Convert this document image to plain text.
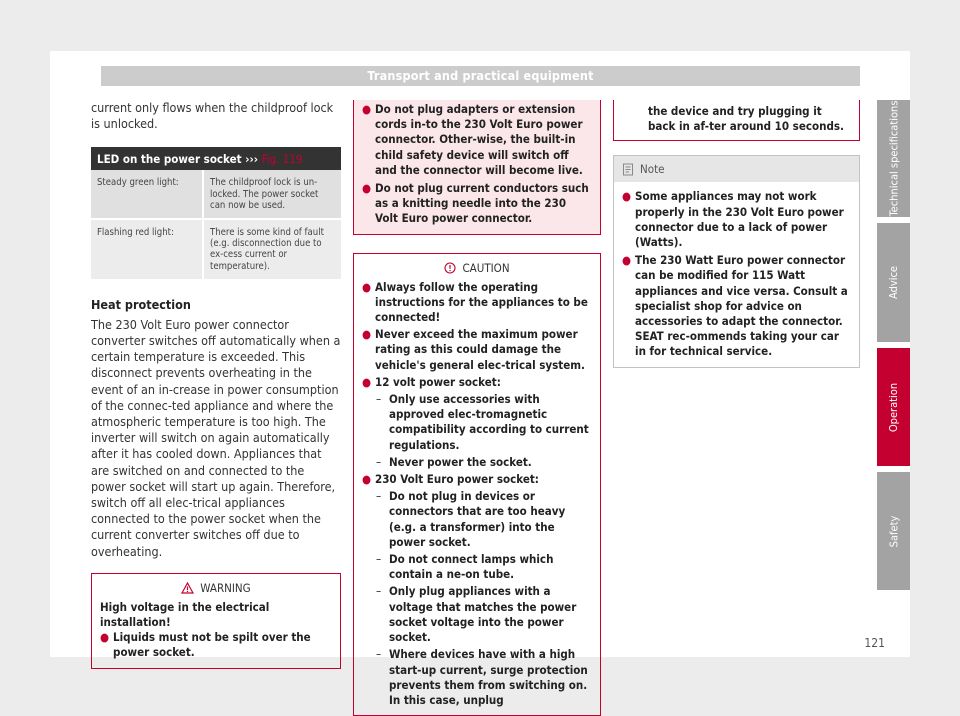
Transport and practical equipment

current only flows when the childproof lock is unlocked.

LED on the power socket ››› Fig. 119
Steady green light:	The childproof lock is un-locked. The power socket can now be used.
Flashing red light:	There is some kind of fault (e.g. disconnection due to ex-cess current or temperature).
Heat protection

The 230 Volt Euro power connector converter switches off automatically when a certain temperature is exceeded. This disconnect prevents overheating in the event of an in-crease in power consumption of the connec-ted appliance and where the atmospheric temperature is too high. The inverter will switch on again automatically after it has cooled down. Appliances that are switched on and connected to the power socket will start up again. Therefore, switch off all elec-trical appliances connected to the power socket when the current converter switches off due to overheating.

WARNING
High voltage in the electrical installation!
● Liquids must not be spilt over the power socket.
● Do not plug adapters or extension cords in-to the 230 Volt Euro power connector. Other-wise, the built-in child safety device will switch off and the connector will become live.
● Do not plug current conductors such as a knitting needle into the 230 Volt Euro power connector.
CAUTION
● Always follow the operating instructions for the appliances to be connected!
● Never exceed the maximum power rating as this could damage the vehicle's general elec-trical system.
● 12 volt power socket:
– Only use accessories with approved elec-tromagnetic compatibility according to current regulations.
– Never power the socket.
● 230 Volt Euro power socket:
– Do not plug in devices or connectors that are too heavy (e.g. a transformer) into the power socket.
– Do not connect lamps which contain a ne-on tube.
– Only plug appliances with a voltage that matches the power socket voltage into the power socket.
– Where devices have with a high start-up current, surge protection prevents them from switching on. In this case, unplug
the device and try plugging it back in af-ter around 10 seconds.
Note
● Some appliances may not work properly in the 230 Volt Euro power connector due to a lack of power (Watts).
● The 230 Watt Euro power connector can be modified for 115 Watt appliances and vice versa. Consult a specialist shop for advice on accessories to adapt the connector. SEAT rec-ommends taking your car in for technical service.
Technical specifications
Advice
Operation
Safety
121
